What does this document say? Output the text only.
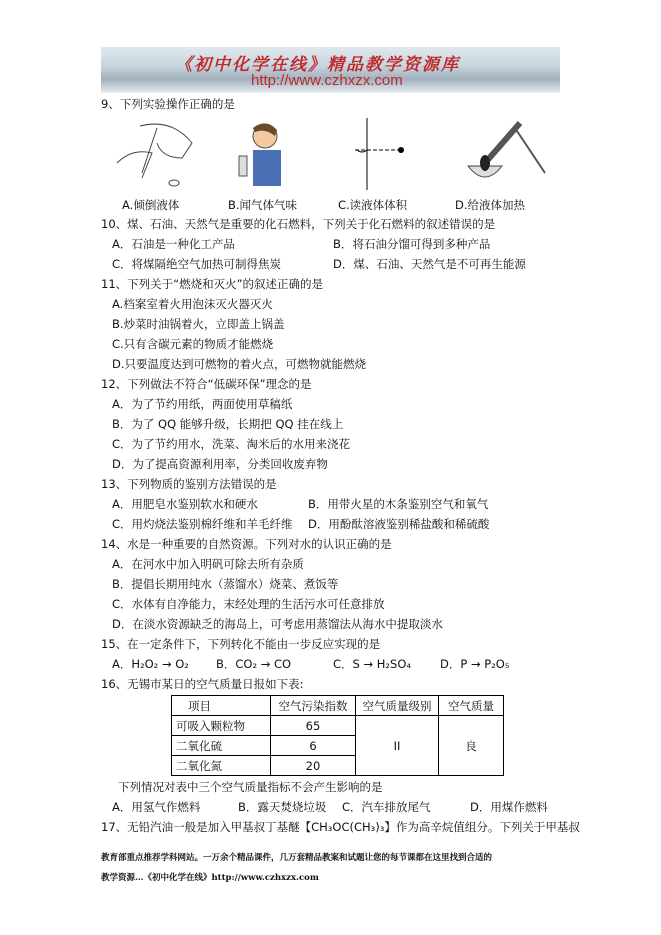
《初中化学在线》精品教学资源库
http://www.czhxzx.com
9、下列实验操作正确的是
A.倾倒液体	B.闻气体气味	C.读液体体积	D.给液体加热
10、煤、石油、天然气是重要的化石燃料，下列关于化石燃料的叙述错误的是
A．石油是一种化工产品	B．将石油分馏可得到多种产品
C．将煤隔绝空气加热可制得焦炭	D．煤、石油、天然气是不可再生能源
11、下列关于“燃烧和灭火”的叙述正确的是
A.档案室着火用泡沫灭火器灭火
B.炒菜时油锅着火，立即盖上锅盖
C.只有含碳元素的物质才能燃烧
D.只要温度达到可燃物的着火点，可燃物就能燃烧
12、下列做法不符合“低碳环保”理念的是
A．为了节约用纸，两面使用草稿纸
B．为了 QQ 能够升级，长期把 QQ 挂在线上
C．为了节约用水，洗菜、淘米后的水用来浇花
D．为了提高资源利用率，分类回收废弃物
13、下列物质的鉴别方法错误的是
A．用肥皂水鉴别软水和硬水	B．用带火星的木条鉴别空气和氧气
C．用灼烧法鉴别棉纤维和羊毛纤维 D．用酚酞溶液鉴别稀盐酸和稀硫酸
14、水是一种重要的自然资源。下列对水的认识正确的是
A．在河水中加入明矾可除去所有杂质
B．提倡长期用纯水（蒸馏水）烧菜、煮饭等
C．水体有自净能力，末经处理的生活污水可任意排放
D．在淡水资源缺乏的海岛上，可考虑用蒸馏法从海水中提取淡水
15、在一定条件下，下列转化不能由一步反应实现的是
A．H₂O₂ → O₂ B．CO₂ → CO	C．S → H₂SO₄	D．P → P₂O₅
16、无锡市某日的空气质量日报如下表:
项目	空气污染指数	空气质量级别	空气质量
可吸入颗粒物	65	II	良
二氧化硫	6		
二氧化氮	20		
下列情况对表中三个空气质量指标不会产生影响的是
A．用氢气作燃料	B．露天焚烧垃圾 C．汽车排放尾气	D．用煤作燃料
17、无铅汽油一般是加入甲基叔丁基醚【CH₃OC(CH₃)₃】作为高辛烷值组分。下列关于甲基叔
教育部重点推荐学科网站。一万余个精品课件，几万套精品教案和试题让您的每节课都在这里找到合适的
教学资源…《初中化学在线》http://www.czhxzx.com
